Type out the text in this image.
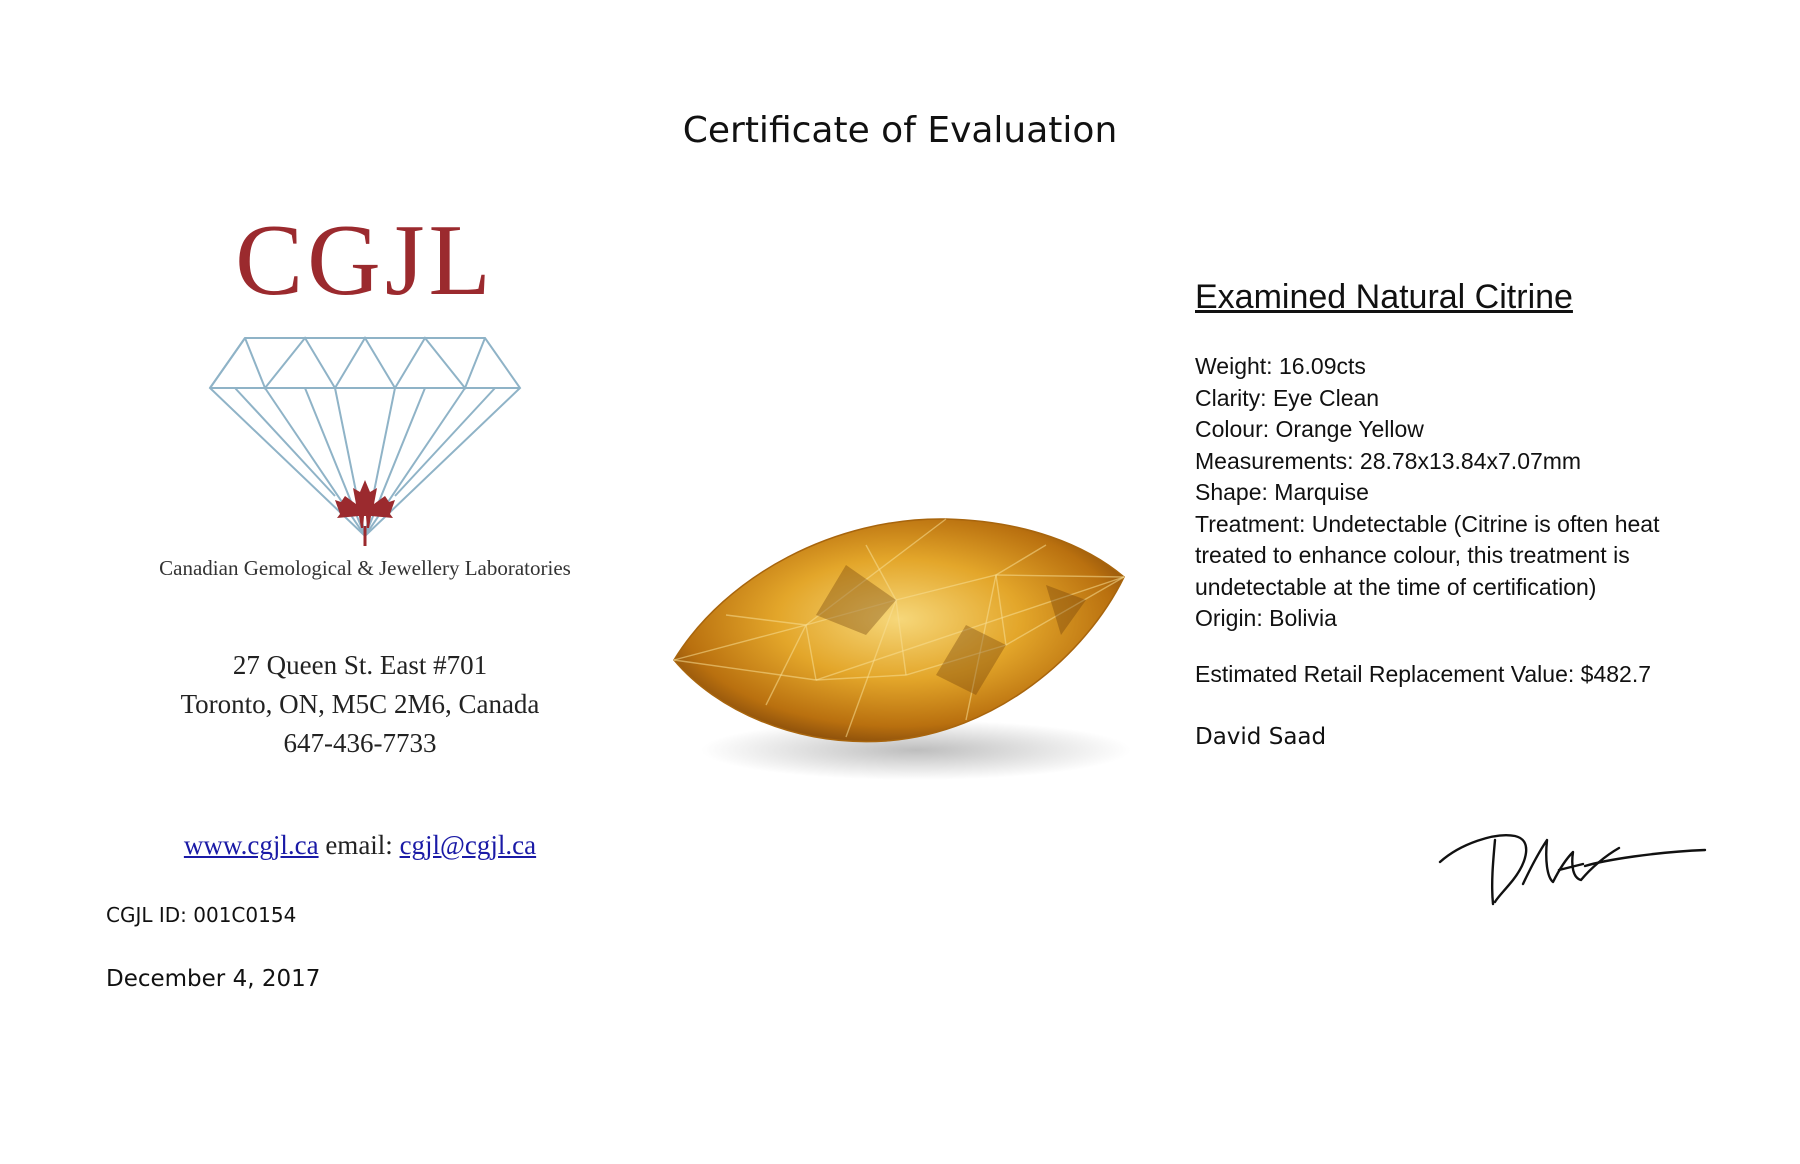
Certificate of Evaluation
CGJL
Canadian Gemological & Jewellery Laboratories
27 Queen St. East #701
Toronto, ON, M5C 2M6, Canada
647-436-7733
www.cgjl.ca email: cgjl@cgjl.ca
CGJL ID: 001C0154
December 4, 2017
Examined Natural Citrine
Weight: 16.09cts
Clarity: Eye Clean
Colour: Orange Yellow
Measurements: 28.78x13.84x7.07mm
Shape: Marquise
Treatment: Undetectable (Citrine is often heat treated to enhance colour, this treatment is undetectable at the time of certification)
Origin: Bolivia
Estimated Retail Replacement Value: $482.7
David Saad
